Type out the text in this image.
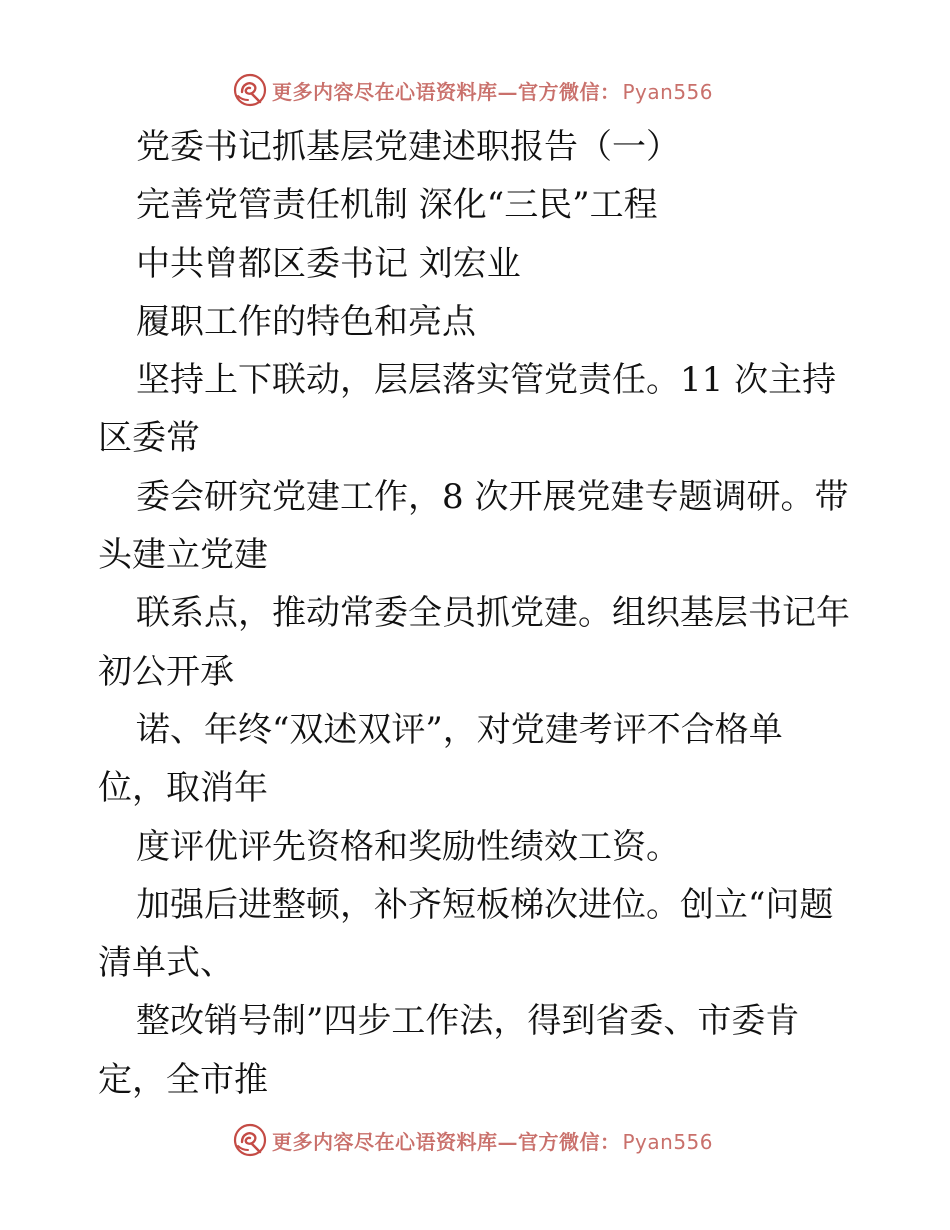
更多内容尽在心语资料库—官方微信： Pyan556
党委书记抓基层党建述职报告（一）
完善党管责任机制 深化“三民”工程
中共曾都区委书记 刘宏业
履职工作的特色和亮点
坚持上下联动，层层落实管党责任。11 次主持
区委常
委会研究党建工作，8 次开展党建专题调研。带
头建立党建
联系点，推动常委全员抓党建。组织基层书记年
初公开承
诺、年终“双述双评”，对党建考评不合格单
位，取消年
度评优评先资格和奖励性绩效工资。
加强后进整顿，补齐短板梯次进位。创立“问题
清单式、
整改销号制”四步工作法，得到省委、市委肯
定，全市推
更多内容尽在心语资料库—官方微信： Pyan556
